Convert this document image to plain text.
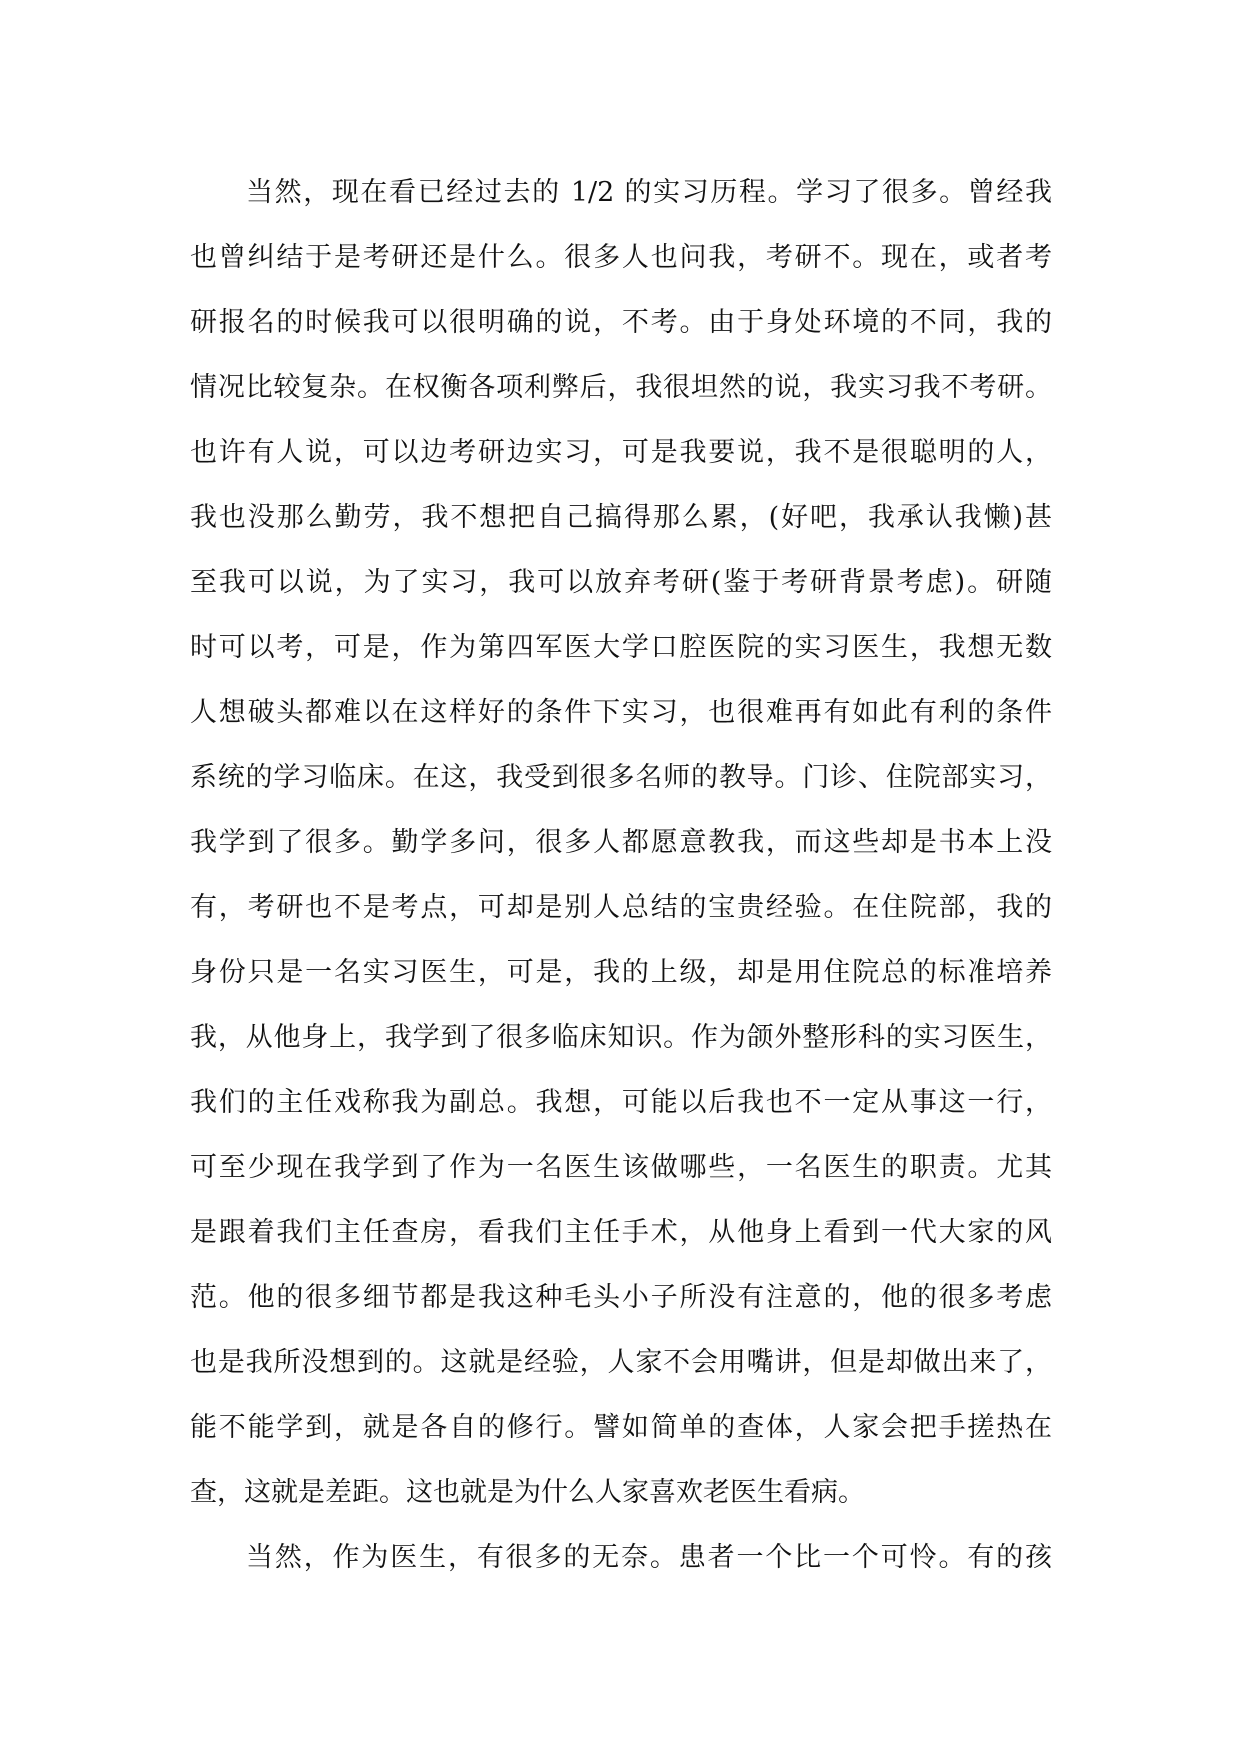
当然，现在看已经过去的 1/2 的实习历程。学习了很多。曾经我
也曾纠结于是考研还是什么。很多人也问我，考研不。现在，或者考
研报名的时候我可以很明确的说，不考。由于身处环境的不同，我的
情况比较复杂。在权衡各项利弊后，我很坦然的说，我实习我不考研。
也许有人说，可以边考研边实习，可是我要说，我不是很聪明的人，
我也没那么勤劳，我不想把自己搞得那么累，(好吧，我承认我懒)甚
至我可以说，为了实习，我可以放弃考研(鉴于考研背景考虑)。研随
时可以考，可是，作为第四军医大学口腔医院的实习医生，我想无数
人想破头都难以在这样好的条件下实习，也很难再有如此有利的条件
系统的学习临床。在这，我受到很多名师的教导。门诊、住院部实习，
我学到了很多。勤学多问，很多人都愿意教我，而这些却是书本上没
有，考研也不是考点，可却是别人总结的宝贵经验。在住院部，我的
身份只是一名实习医生，可是，我的上级，却是用住院总的标准培养
我，从他身上，我学到了很多临床知识。作为颌外整形科的实习医生，
我们的主任戏称我为副总。我想，可能以后我也不一定从事这一行，
可至少现在我学到了作为一名医生该做哪些，一名医生的职责。尤其
是跟着我们主任查房，看我们主任手术，从他身上看到一代大家的风
范。他的很多细节都是我这种毛头小子所没有注意的，他的很多考虑
也是我所没想到的。这就是经验，人家不会用嘴讲，但是却做出来了，
能不能学到，就是各自的修行。譬如简单的查体，人家会把手搓热在
查，这就是差距。这也就是为什么人家喜欢老医生看病。
当然，作为医生，有很多的无奈。患者一个比一个可怜。有的孩
